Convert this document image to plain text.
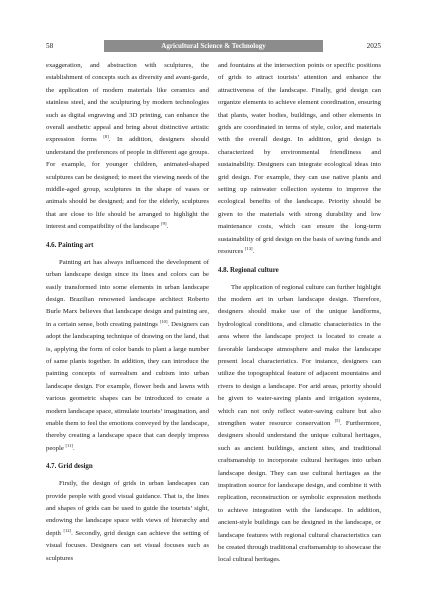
58	Agricultural Science & Technology	2025

exaggeration, and abstraction with sculptures, the establishment of concepts such as diversity and avant-garde, the application of modern materials like ceramics and stainless steel, and the sculpturing by modern technologies such as digital engraving and 3D printing, can enhance the overall aesthetic appeal and bring about distinctive artistic expression forms [8]. In addition, designers should understand the preferences of people in different age groups. For example, for younger children, animated-shaped sculptures can be designed; to meet the viewing needs of the middle-aged group, sculptures in the shape of vases or animals should be designed; and for the elderly, sculptures that are close to life should be arranged to highlight the interest and compatibility of the landscape [9].

4.6. Painting art

Painting art has always influenced the development of urban landscape design since its lines and colors can be easily transformed into some elements in urban landscape design. Brazilian renowned landscape architect Roberto Burle Marx believes that landscape design and painting are, in a certain sense, both creating paintings [10]. Designers can adopt the landscaping technique of drawing on the land, that is, applying the form of color bands to plant a large number of same plants together. In addition, they can introduce the painting concepts of surrealism and cubism into urban landscape design. For example, flower beds and lawns with various geometric shapes can be introduced to create a modern landscape space, stimulate tourists’ imagination, and enable them to feel the emotions conveyed by the landscape, thereby creating a landscape space that can deeply impress people [11].

4.7. Grid design

Firstly, the design of grids in urban landscapes can provide people with good visual guidance. That is, the lines and shapes of grids can be used to guide the tourists’ sight, endowing the landscape space with views of hierarchy and depth [12]. Secondly, grid design can achieve the setting of visual focuses. Designers can set visual focuses such as sculptures

and fountains at the intersection points or specific positions of grids to attract tourists’ attention and enhance the attractiveness of the landscape. Finally, grid design can organize elements to achieve element coordination, ensuring that plants, water bodies, buildings, and other elements in grids are coordinated in terms of style, color, and materials with the overall design. In addition, grid design is characterized by environmental friendliness and sustainability. Designers can integrate ecological ideas into grid design. For example, they can use native plants and setting up rainwater collection systems to improve the ecological benefits of the landscape. Priority should be given to the materials with strong durability and low maintenance costs, which can ensure the long-term sustainability of grid design on the basis of saving funds and resources [13].

4.8. Regional culture

The application of regional culture can further highlight the modern art in urban landscape design. Therefore, designers should make use of the unique landforms, hydrological conditions, and climatic characteristics in the area where the landscape project is located to create a favorable landscape atmosphere and make the landscape present local characteristics. For instance, designers can utilize the topographical feature of adjacent mountains and rivers to design a landscape. For arid areas, priority should be given to water-saving plants and irrigation systems, which can not only reflect water-saving culture but also strengthen water resource conservation [5]. Furthermore, designers should understand the unique cultural heritages, such as ancient buildings, ancient sites, and traditional craftsmanship to incorporate cultural heritages into urban landscape design. They can use cultural heritages as the inspiration source for landscape design, and combine it with replication, reconstruction or symbolic expression methods to achieve integration with the landscape. In addition, ancient-style buildings can be designed in the landscape, or landscape features with regional cultural characteristics can be created through traditional craftsmanship to showcase the local cultural heritages.
